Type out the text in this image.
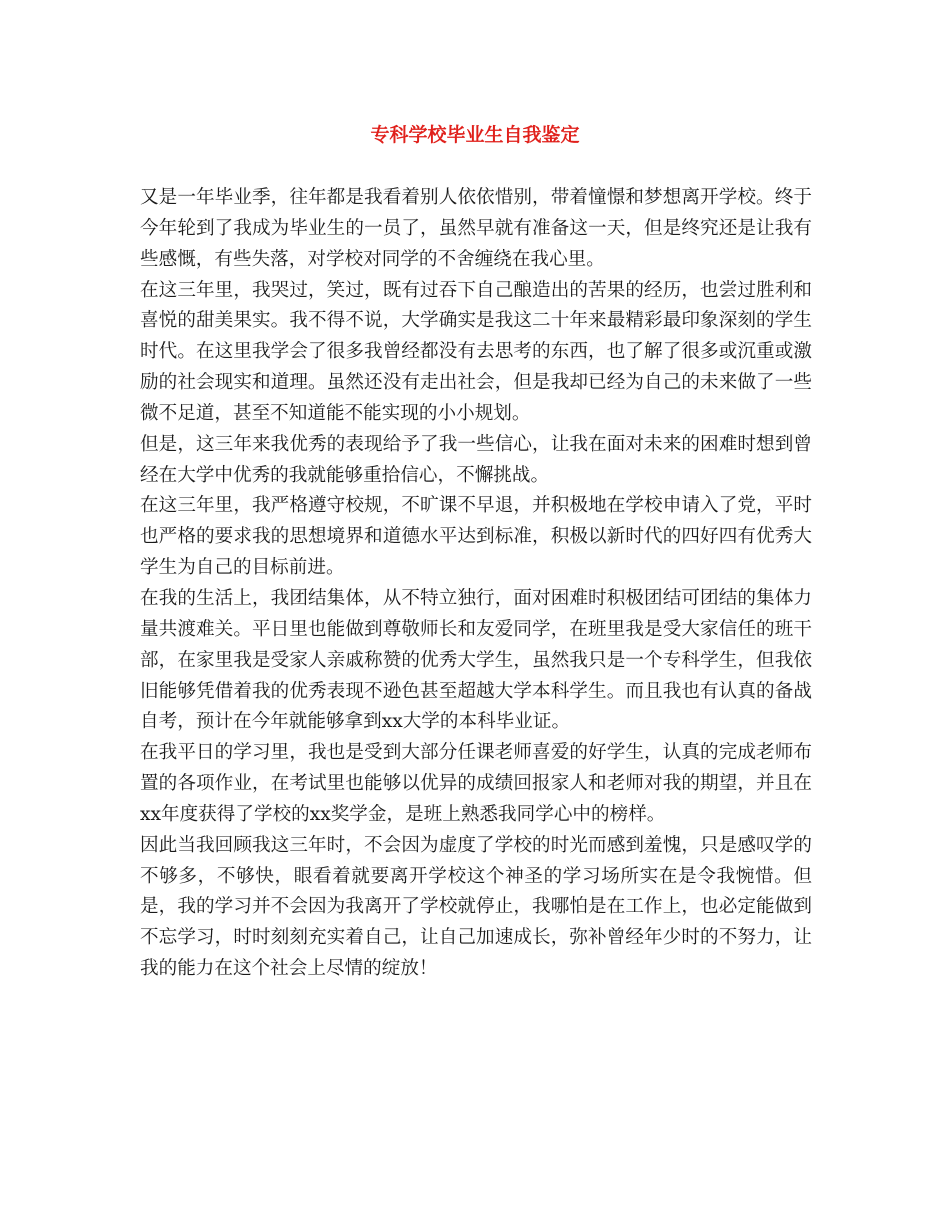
专科学校毕业生自我鉴定

又是一年毕业季，往年都是我看着别人依依惜别，带着憧憬和梦想离开学校。终于今年轮到了我成为毕业生的一员了，虽然早就有准备这一天，但是终究还是让我有些感慨，有些失落，对学校对同学的不舍缠绕在我心里。

在这三年里，我哭过，笑过，既有过吞下自己酿造出的苦果的经历，也尝过胜利和喜悦的甜美果实。我不得不说，大学确实是我这二十年来最精彩最印象深刻的学生时代。在这里我学会了很多我曾经都没有去思考的东西，也了解了很多或沉重或激励的社会现实和道理。虽然还没有走出社会，但是我却已经为自己的未来做了一些微不足道，甚至不知道能不能实现的小小规划。

但是，这三年来我优秀的表现给予了我一些信心，让我在面对未来的困难时想到曾经在大学中优秀的我就能够重拾信心，不懈挑战。

在这三年里，我严格遵守校规，不旷课不早退，并积极地在学校申请入了党，平时也严格的要求我的思想境界和道德水平达到标准，积极以新时代的四好四有优秀大学生为自己的目标前进。

在我的生活上，我团结集体，从不特立独行，面对困难时积极团结可团结的集体力量共渡难关。平日里也能做到尊敬师长和友爱同学，在班里我是受大家信任的班干部，在家里我是受家人亲戚称赞的优秀大学生，虽然我只是一个专科学生，但我依旧能够凭借着我的优秀表现不逊色甚至超越大学本科学生。而且我也有认真的备战自考，预计在今年就能够拿到xx大学的本科毕业证。

在我平日的学习里，我也是受到大部分任课老师喜爱的好学生，认真的完成老师布置的各项作业，在考试里也能够以优异的成绩回报家人和老师对我的期望，并且在xx年度获得了学校的xx奖学金，是班上熟悉我同学心中的榜样。

因此当我回顾我这三年时，不会因为虚度了学校的时光而感到羞愧，只是感叹学的不够多，不够快，眼看着就要离开学校这个神圣的学习场所实在是令我惋惜。但是，我的学习并不会因为我离开了学校就停止，我哪怕是在工作上，也必定能做到不忘学习，时时刻刻充实着自己，让自己加速成长，弥补曾经年少时的不努力，让我的能力在这个社会上尽情的绽放！
